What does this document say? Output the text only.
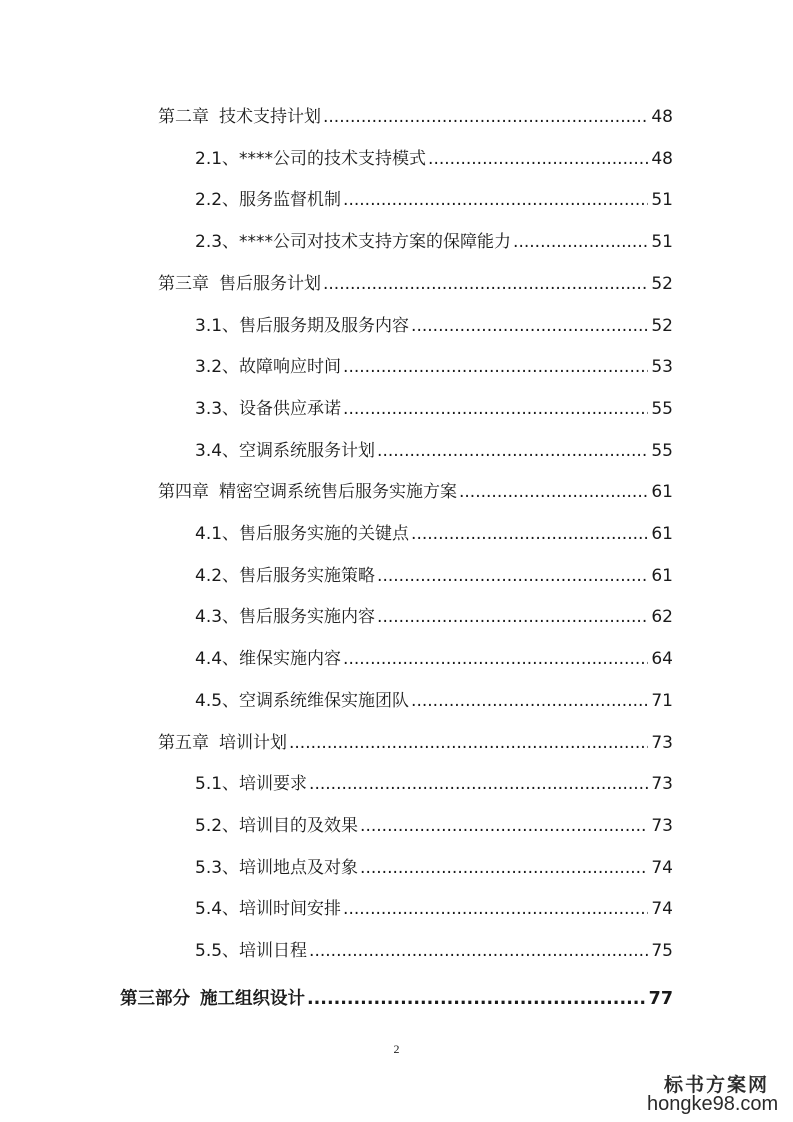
第二章 技术支持计划 .....	48
2.1、****公司的技术支持模式 .....	48
2.2、服务监督机制 .....	51
2.3、****公司对技术支持方案的保障能力 .....	51
第三章 售后服务计划 .....	52
3.1、售后服务期及服务内容 .....	52
3.2、故障响应时间 .....	53
3.3、设备供应承诺 .....	55
3.4、空调系统服务计划 .....	55
第四章 精密空调系统售后服务实施方案 .....	61
4.1、售后服务实施的关键点 .....	61
4.2、售后服务实施策略 .....	61
4.3、售后服务实施内容 .....	62
4.4、维保实施内容 .....	64
4.5、空调系统维保实施团队 .....	71
第五章 培训计划 .....	73
5.1、培训要求 .....	73
5.2、培训目的及效果 .....	73
5.3、培训地点及对象 .....	74
5.4、培训时间安排 .....	74
5.5、培训日程 .....	75
第三部分 施工组织设计 .....	77
2
标书方案网
hongke98.com
